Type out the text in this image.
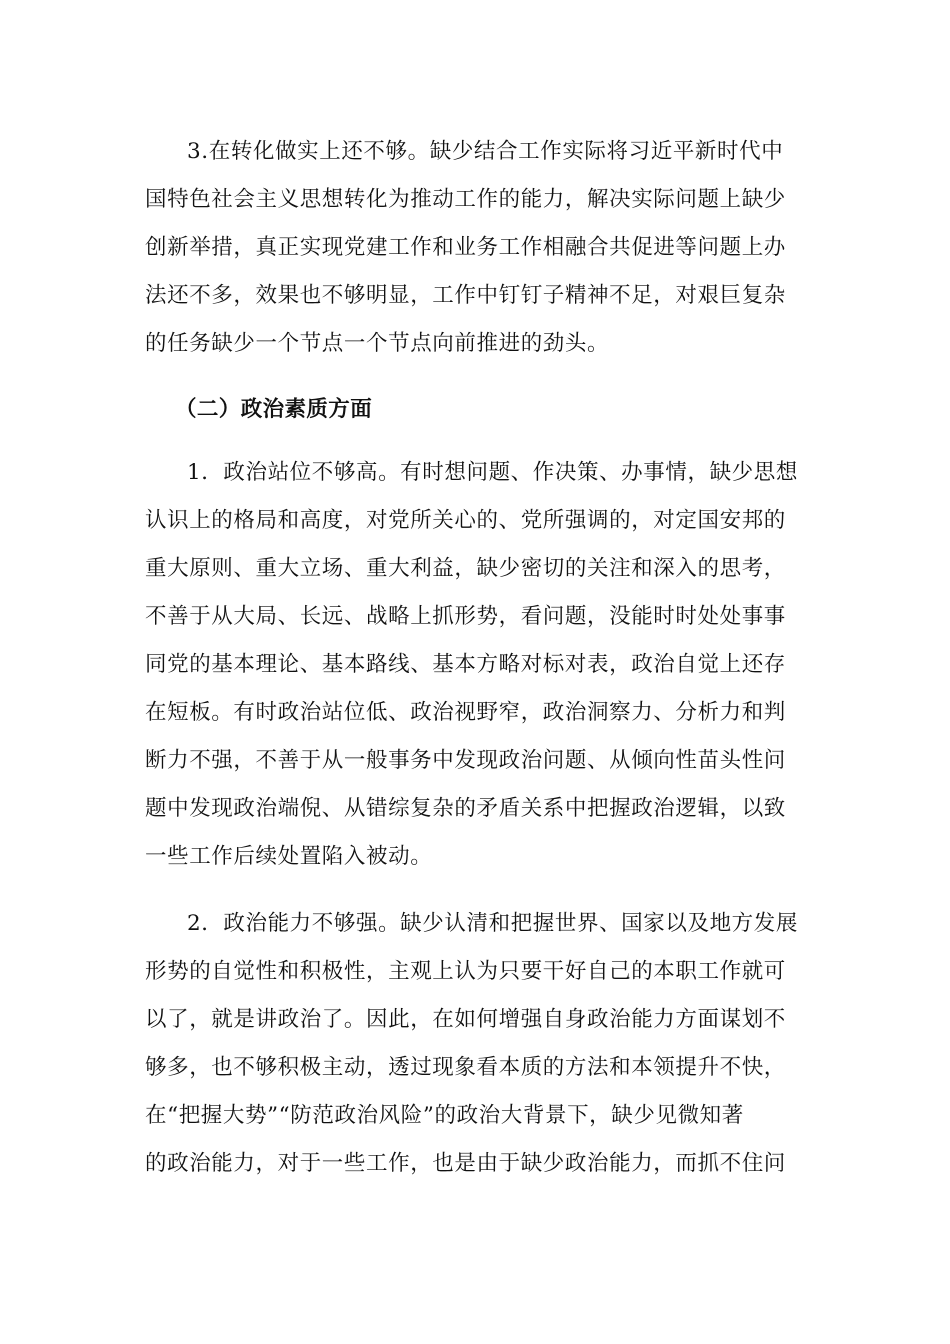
3.在转化做实上还不够。缺少结合工作实际将习近平新时代中
国特色社会主义思想转化为推动工作的能力，解决实际问题上缺少
创新举措，真正实现党建工作和业务工作相融合共促进等问题上办
法还不多，效果也不够明显，工作中钉钉子精神不足，对艰巨复杂
的任务缺少一个节点一个节点向前推进的劲头。
（二）政治素质方面
1．政治站位不够高。有时想问题、作决策、办事情，缺少思想
认识上的格局和高度，对党所关心的、党所强调的，对定国安邦的
重大原则、重大立场、重大利益，缺少密切的关注和深入的思考，
不善于从大局、长远、战略上抓形势，看问题，没能时时处处事事
同党的基本理论、基本路线、基本方略对标对表，政治自觉上还存
在短板。有时政治站位低、政治视野窄，政治洞察力、分析力和判
断力不强，不善于从一般事务中发现政治问题、从倾向性苗头性问
题中发现政治端倪、从错综复杂的矛盾关系中把握政治逻辑，以致
一些工作后续处置陷入被动。
2．政治能力不够强。缺少认清和把握世界、国家以及地方发展
形势的自觉性和积极性，主观上认为只要干好自己的本职工作就可
以了，就是讲政治了。因此，在如何增强自身政治能力方面谋划不
够多，也不够积极主动，透过现象看本质的方法和本领提升不快，
在“把握大势”“防范政治风险”的政治大背景下，缺少见微知著
的政治能力，对于一些工作，也是由于缺少政治能力，而抓不住问
